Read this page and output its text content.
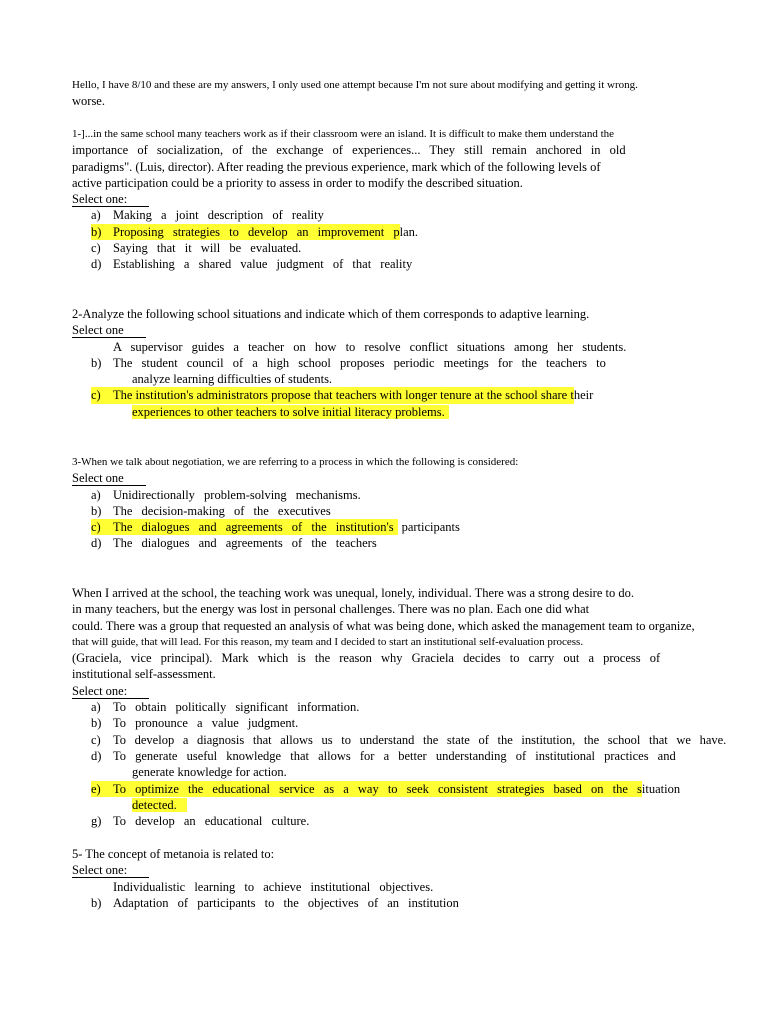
Hello, I have 8/10 and these are my answers, I only used one attempt because I'm not sure about modifying and getting it wrong.
worse.
1-]...in the same school many teachers work as if their classroom were an island. It is difficult to make them understand the
importance of socialization, of the exchange of experiences... They still remain anchored in old
paradigms". (Luis, director). After reading the previous experience, mark which of the following levels of
active participation could be a priority to assess in order to modify the described situation.
Select one:
a) Making a joint description of reality
b) Proposing strategies to develop an improvement p lan.
c) Saying that it will be evaluated.
d) Establishing a shared value judgment of that reality
2-Analyze the following school situations and indicate which of them corresponds to adaptive learning.
Select one
A supervisor guides a teacher on how to resolve conflict situations among her students.
b) The student council of a high school proposes periodic meetings for the teachers to
analyze learning difficulties of students.
c) The institution's administrators propose that teachers with longer tenure at the school share t heir
experiences to other teachers to solve initial literacy problems.
3-When we talk about negotiation, we are referring to a process in which the following is considered:
Select one
a) Unidirectionally problem-solving mechanisms.
b) The decision-making of the executives
c) The dialogues and agreements of the institution's participants
d) The dialogues and agreements of the teachers
When I arrived at the school, the teaching work was unequal, lonely, individual. There was a strong desire to do.
in many teachers, but the energy was lost in personal challenges. There was no plan. Each one did what
could. There was a group that requested an analysis of what was being done, which asked the management team to organize,
that will guide, that will lead. For this reason, my team and I decided to start an institutional self-evaluation process.
(Graciela, vice principal). Mark which is the reason why Graciela decides to carry out a process of
institutional self-assessment.
Select one:
a) To obtain politically significant information.
b) To pronounce a value judgment.
c) To develop a diagnosis that allows us to understand the state of the institution, the school that we have.
d) To generate useful knowledge that allows for a better understanding of institutional practices and
generate knowledge for action.
e) To optimize the educational service as a way to seek consistent strategies based on the s ituation
detected.
g) To develop an educational culture.
5- The concept of metanoia is related to:
Select one:
Individualistic learning to achieve institutional objectives.
b) Adaptation of participants to the objectives of an institution
